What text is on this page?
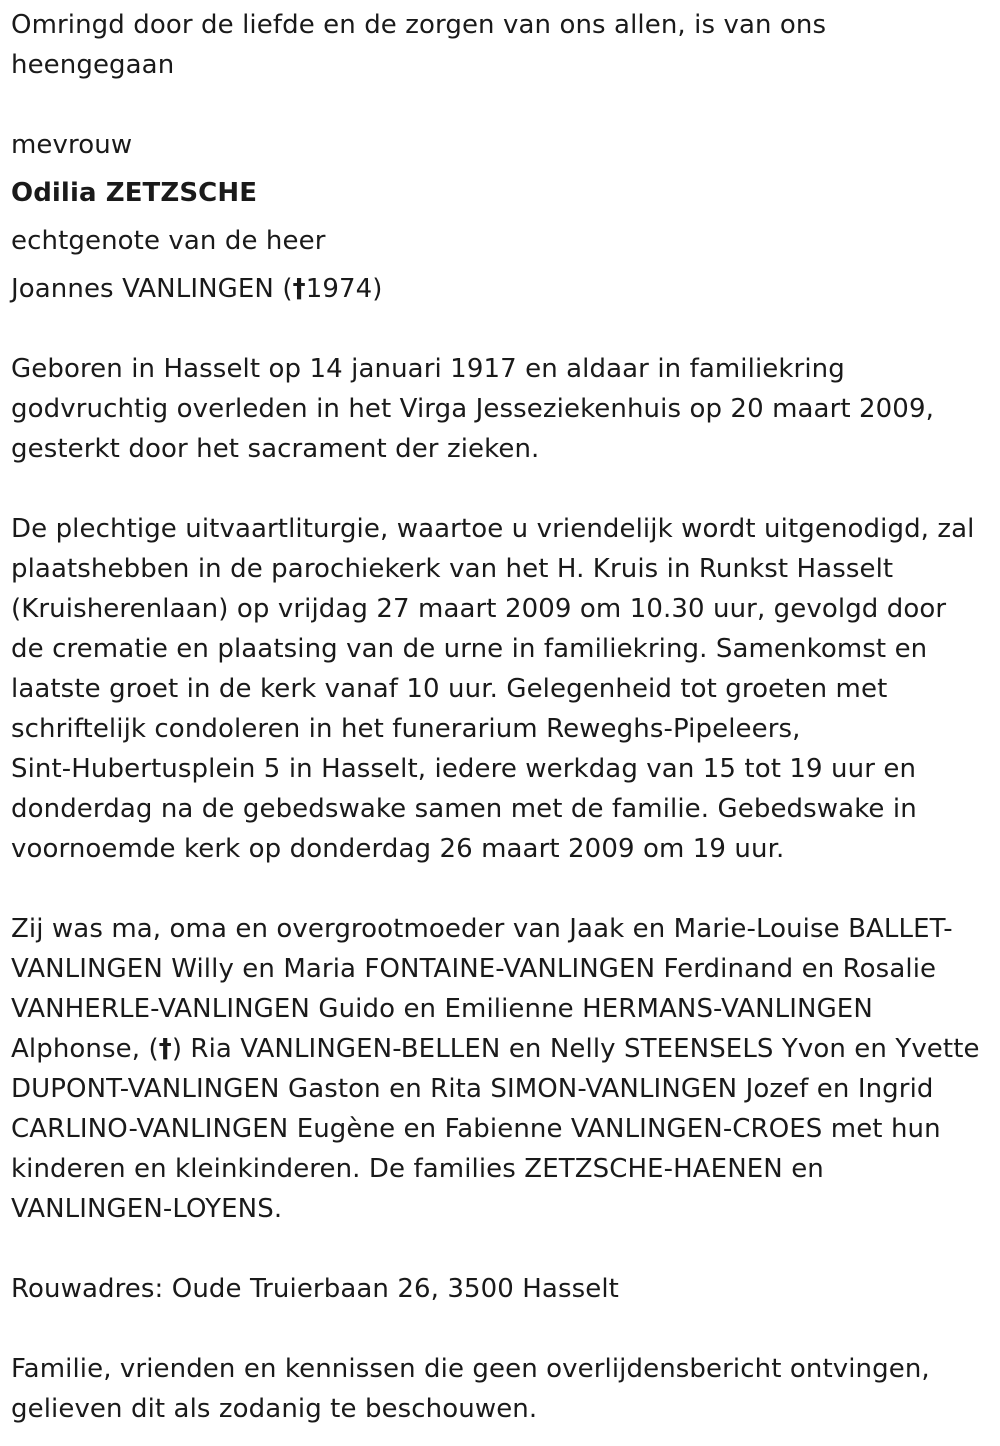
Omringd door de liefde en de zorgen van ons allen, is van ons
heengegaan
mevrouw
Odilia ZETZSCHE
echtgenote van de heer
Joannes VANLINGEN (†1974)
Geboren in Hasselt op 14 januari 1917 en aldaar in familiekring
godvruchtig overleden in het Virga Jesseziekenhuis op 20 maart 2009,
gesterkt door het sacrament der zieken.
De plechtige uitvaartliturgie, waartoe u vriendelijk wordt uitgenodigd, zal
plaatshebben in de parochiekerk van het H. Kruis in Runkst Hasselt
(Kruisherenlaan) op vrijdag 27 maart 2009 om 10.30 uur, gevolgd door
de crematie en plaatsing van de urne in familiekring. Samenkomst en
laatste groet in de kerk vanaf 10 uur. Gelegenheid tot groeten met
schriftelijk condoleren in het funerarium Reweghs-Pipeleers,
Sint-Hubertusplein 5 in Hasselt, iedere werkdag van 15 tot 19 uur en
donderdag na de gebedswake samen met de familie. Gebedswake in
voornoemde kerk op donderdag 26 maart 2009 om 19 uur.
Zij was ma, oma en overgrootmoeder van Jaak en Marie-Louise BALLET-
VANLINGEN Willy en Maria FONTAINE-VANLINGEN Ferdinand en Rosalie
VANHERLE-VANLINGEN Guido en Emilienne HERMANS-VANLINGEN
Alphonse, (†) Ria VANLINGEN-BELLEN en Nelly STEENSELS Yvon en Yvette
DUPONT-VANLINGEN Gaston en Rita SIMON-VANLINGEN Jozef en Ingrid
CARLINO-VANLINGEN Eugène en Fabienne VANLINGEN-CROES met hun
kinderen en kleinkinderen. De families ZETZSCHE-HAENEN en
VANLINGEN-LOYENS.
Rouwadres: Oude Truierbaan 26, 3500 Hasselt
Familie, vrienden en kennissen die geen overlijdensbericht ontvingen,
gelieven dit als zodanig te beschouwen.
